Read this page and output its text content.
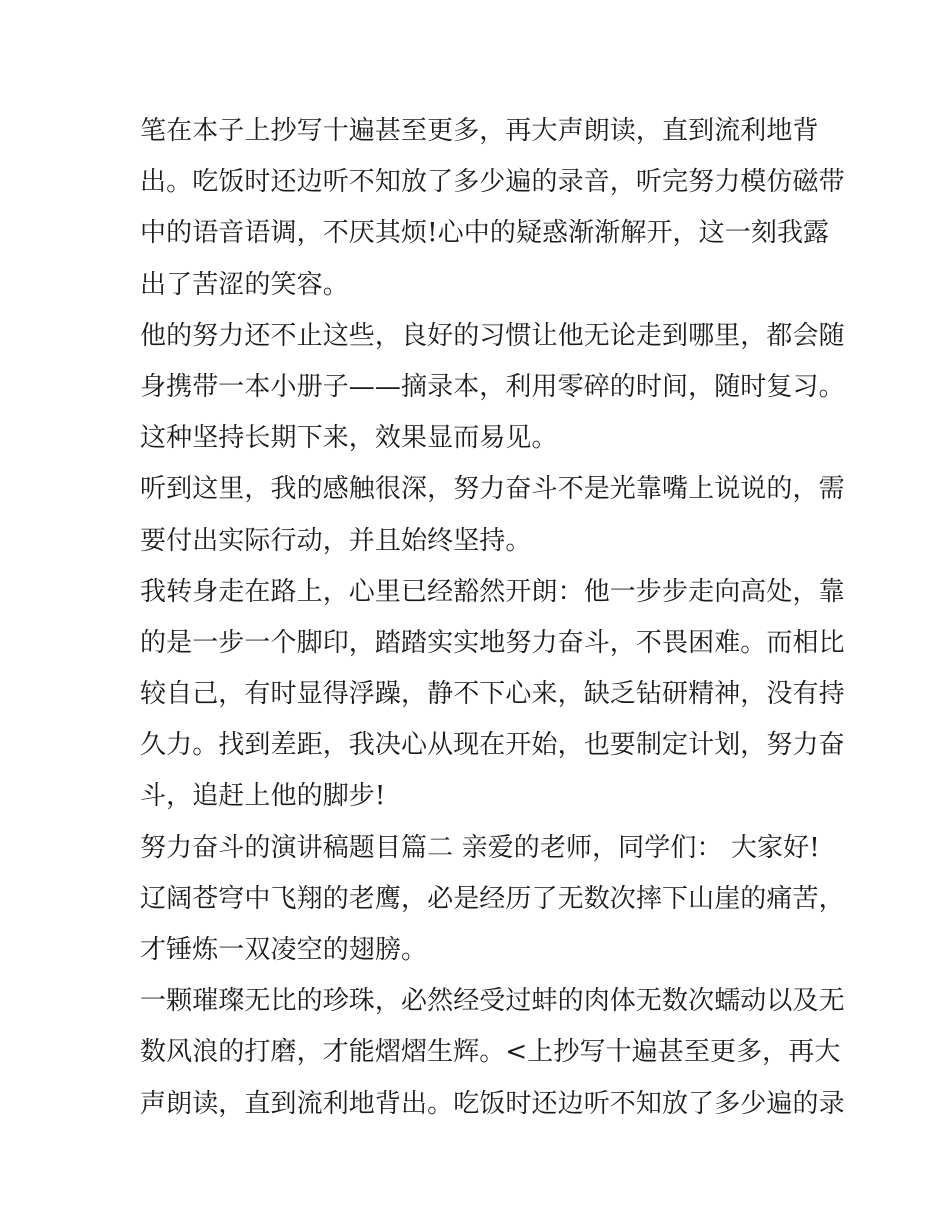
笔在本子上抄写十遍甚至更多，再大声朗读，直到流利地背
出。吃饭时还边听不知放了多少遍的录音，听完努力模仿磁带
中的语音语调，不厌其烦!心中的疑惑渐渐解开，这一刻我露
出了苦涩的笑容。
他的努力还不止这些，良好的习惯让他无论走到哪里，都会随
身携带一本小册子——摘录本，利用零碎的时间，随时复习。
这种坚持长期下来，效果显而易见。
听到这里，我的感触很深，努力奋斗不是光靠嘴上说说的，需
要付出实际行动，并且始终坚持。
我转身走在路上，心里已经豁然开朗：他一步步走向高处，靠
的是一步一个脚印，踏踏实实地努力奋斗，不畏困难。而相比
较自己，有时显得浮躁，静不下心来，缺乏钻研精神，没有持
久力。找到差距，我决心从现在开始，也要制定计划，努力奋
斗，追赶上他的脚步!
努力奋斗的演讲稿题目篇二 亲爱的老师，同学们： 大家好!
辽阔苍穹中飞翔的老鹰，必是经历了无数次摔下山崖的痛苦，
才锤炼一双凌空的翅膀。
一颗璀璨无比的珍珠，必然经受过蚌的肉体无数次蠕动以及无
数风浪的打磨，才能熠熠生辉。<上抄写十遍甚至更多，再大
声朗读，直到流利地背出。吃饭时还边听不知放了多少遍的录
